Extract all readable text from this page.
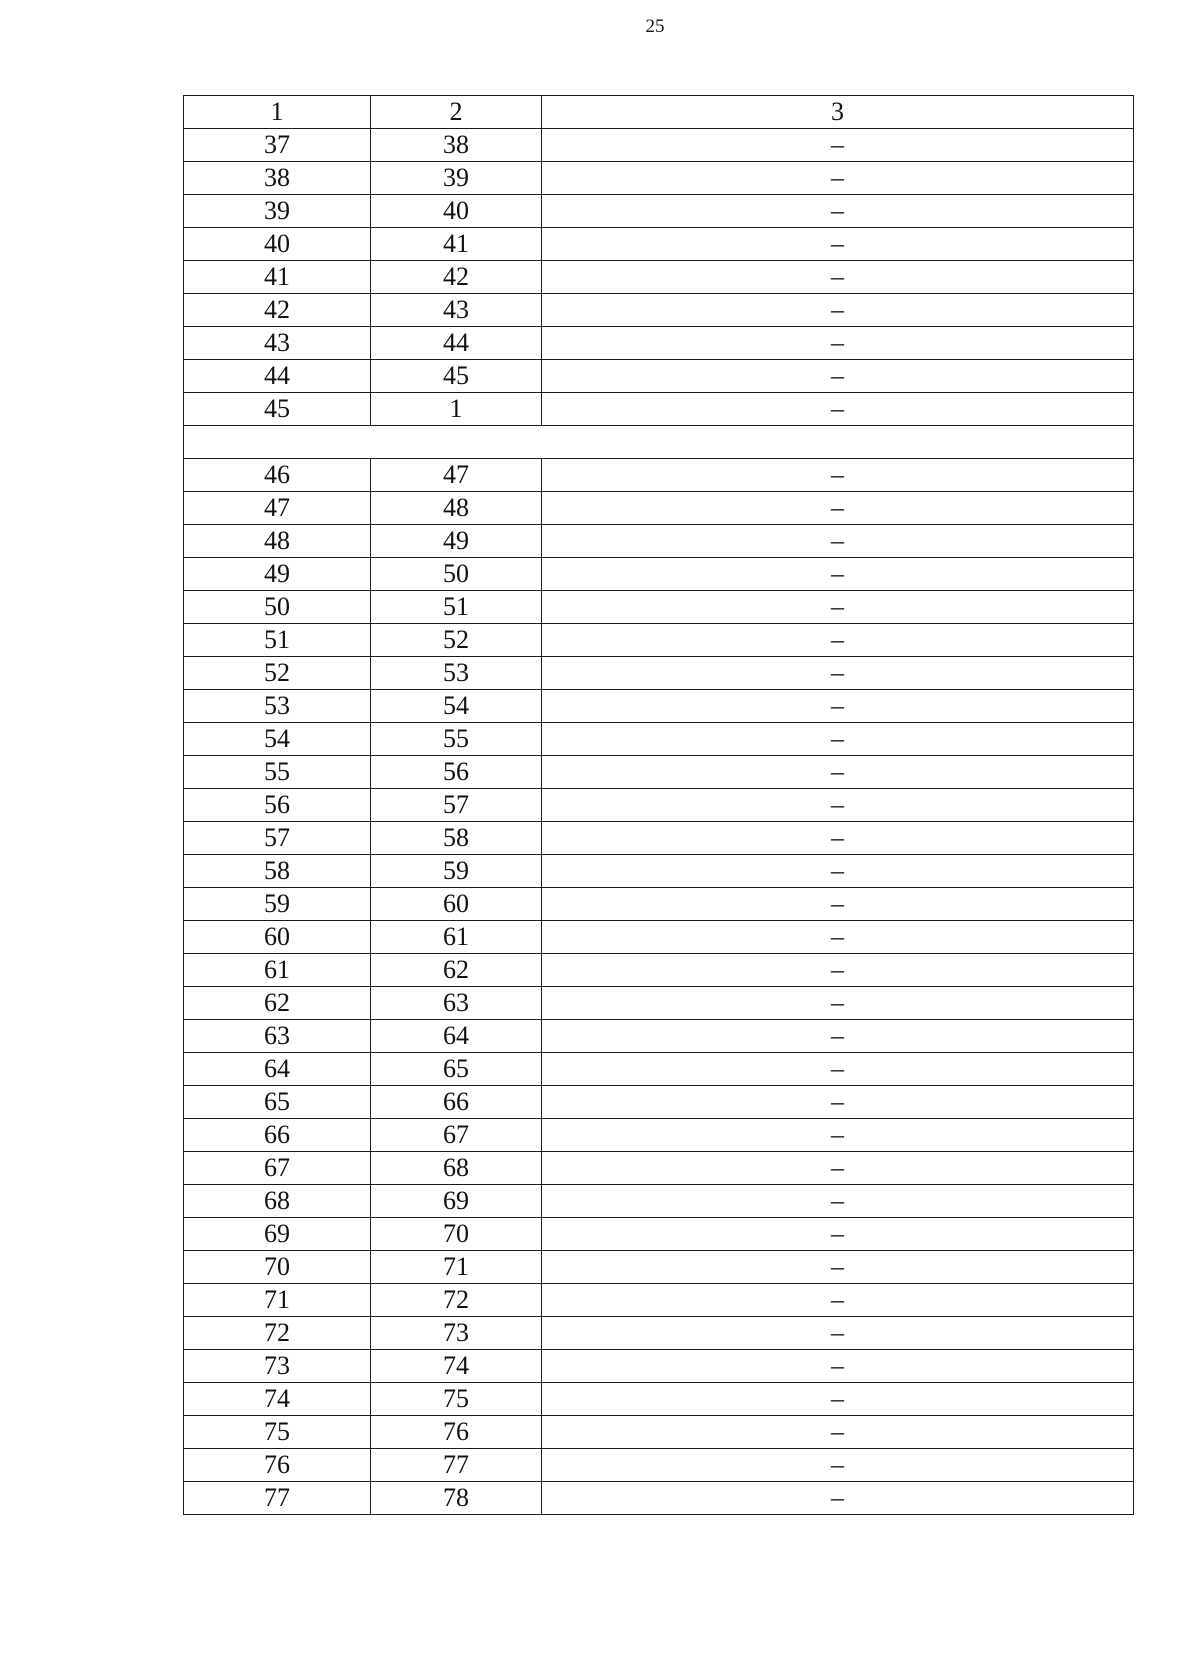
25
1	2	3
37	38	–
38	39	–
39	40	–
40	41	–
41	42	–
42	43	–
43	44	–
44	45	–
45	1	–

46	47	–
47	48	–
48	49	–
49	50	–
50	51	–
51	52	–
52	53	–
53	54	–
54	55	–
55	56	–
56	57	–
57	58	–
58	59	–
59	60	–
60	61	–
61	62	–
62	63	–
63	64	–
64	65	–
65	66	–
66	67	–
67	68	–
68	69	–
69	70	–
70	71	–
71	72	–
72	73	–
73	74	–
74	75	–
75	76	–
76	77	–
77	78	–
